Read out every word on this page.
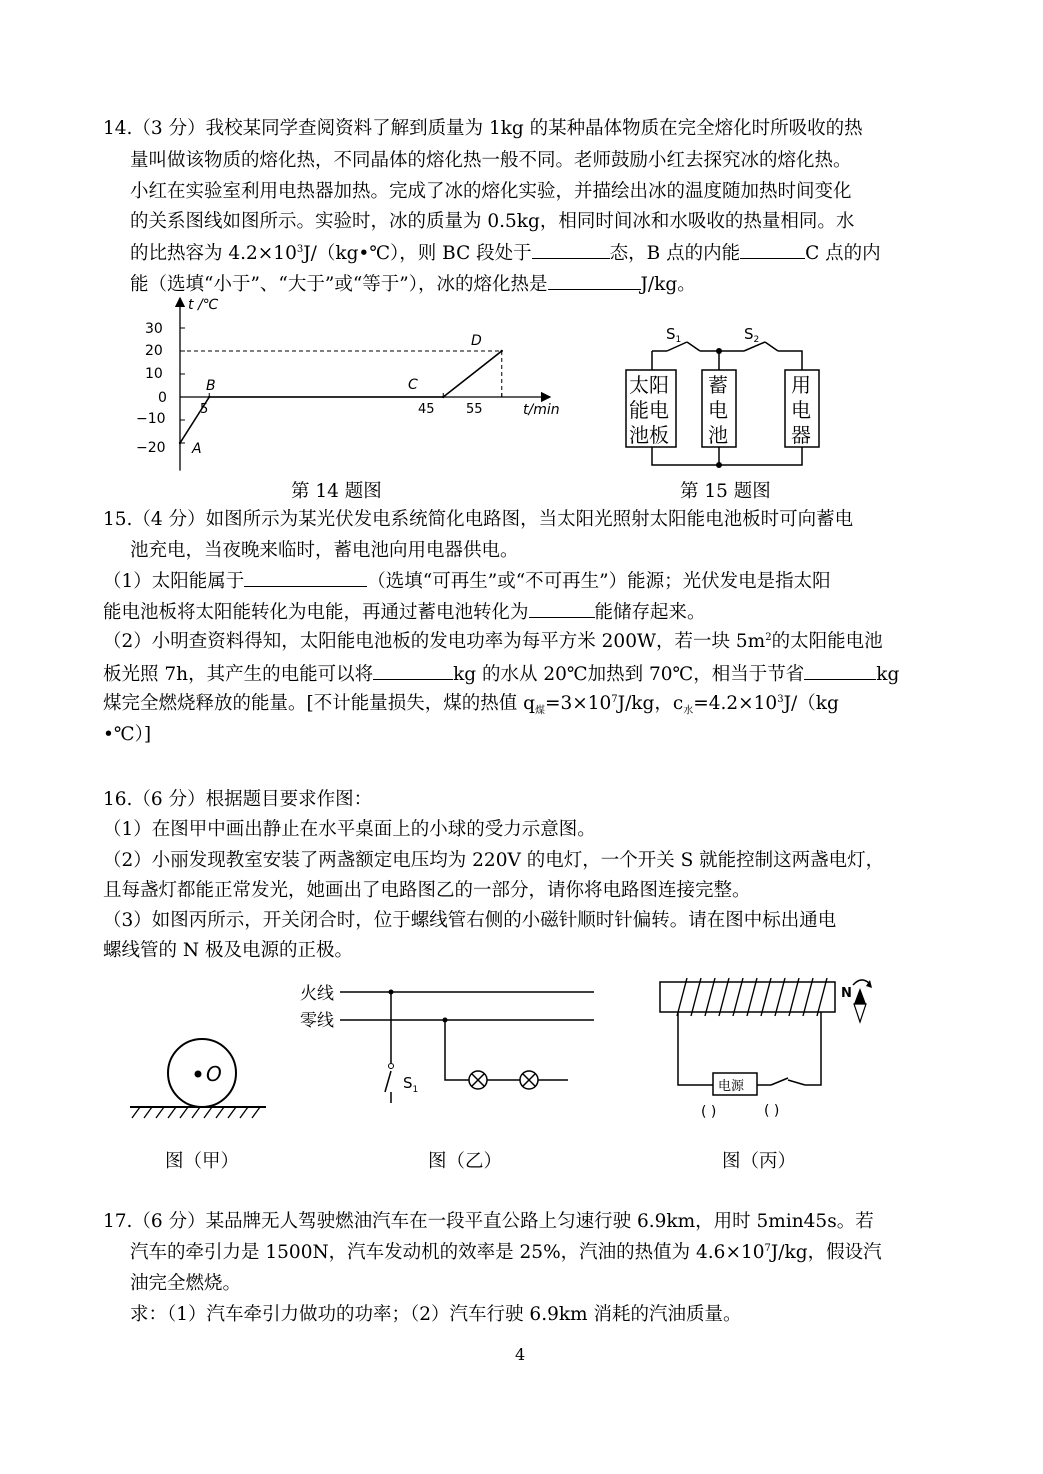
14.（3 分）我校某同学查阅资料了解到质量为 1kg 的某种晶体物质在完全熔化时所吸收的热
量叫做该物质的熔化热，不同晶体的熔化热一般不同。老师鼓励小红去探究冰的熔化热。
小红在实验室利用电热器加热。完成了冰的熔化实验，并描绘出冰的温度随加热时间变化
的关系图线如图所示。实验时，冰的质量为 0.5kg，相同时间冰和水吸收的热量相同。水
的比热容为 $4.2\times 10^3J/(kg•℃)$，则 BC 段处于	态，B 点的内能	C 点的内
能（选填“小于”、“大于”或“等于”），冰的熔化热是	J/kg。
t /℃
t/min
30
20
10
0
−10
−20
5	45 55
A
B	C
D
第 14 题图
$S_1$	$S_2$
太阳
能电
池板
蓄
电
池
用
电
器
第 15 题图
15.（4 分）如图所示为某光伏发电系统简化电路图，当太阳光照射太阳能电池板时可向蓄电
池充电，当夜晚来临时，蓄电池向用电器供电。
（1）太阳能属于	（选填“可再生”或“不可再生”）能源；光伏发电是指太阳
能电池板将太阳能转化为电能，再通过蓄电池转化为	能储存起来。
（2）小明查资料得知，太阳能电池板的发电功率为每平方米 200W，若一块 $5m^2$的太阳能电池
板光照 7h，其产生的电能可以将	kg 的水从 20℃加热到 70℃，相当于节省	kg
煤完全燃烧释放的能量。[不计能量损失，煤的热值 $q_煤=3\times 10^7J/kg$，$c_水=4.2\times 10^3J/(kg$
•℃）]
16.（6 分）根据题目要求作图：
（1）在图甲中画出静止在水平桌面上的小球的受力示意图。
（2）小丽发现教室安装了两盏额定电压均为 220V 的电灯，一个开关 S 就能控制这两盏电灯，
且每盏灯都能正常发光，她画出了电路图乙的一部分，请你将电路图连接完整。
（3）如图丙所示，开关闭合时，位于螺线管右侧的小磁针顺时针偏转。请在图中标出通电
螺线管的 N 极及电源的正极。
O
图（甲）
火线
零线
$S_1$
图（乙）
电源
( )	( )
N
图（丙）
17.（6 分）某品牌无人驾驶燃油汽车在一段平直公路上匀速行驶 6.9km，用时 5min45s。若
汽车的牵引力是 1500N，汽车发动机的效率是 25%，汽油的热值为 $4.6\times 10^7J/kg$，假设汽
油完全燃烧。
求：（1）汽车牵引力做功的功率；（2）汽车行驶 6.9km 消耗的汽油质量。
4
